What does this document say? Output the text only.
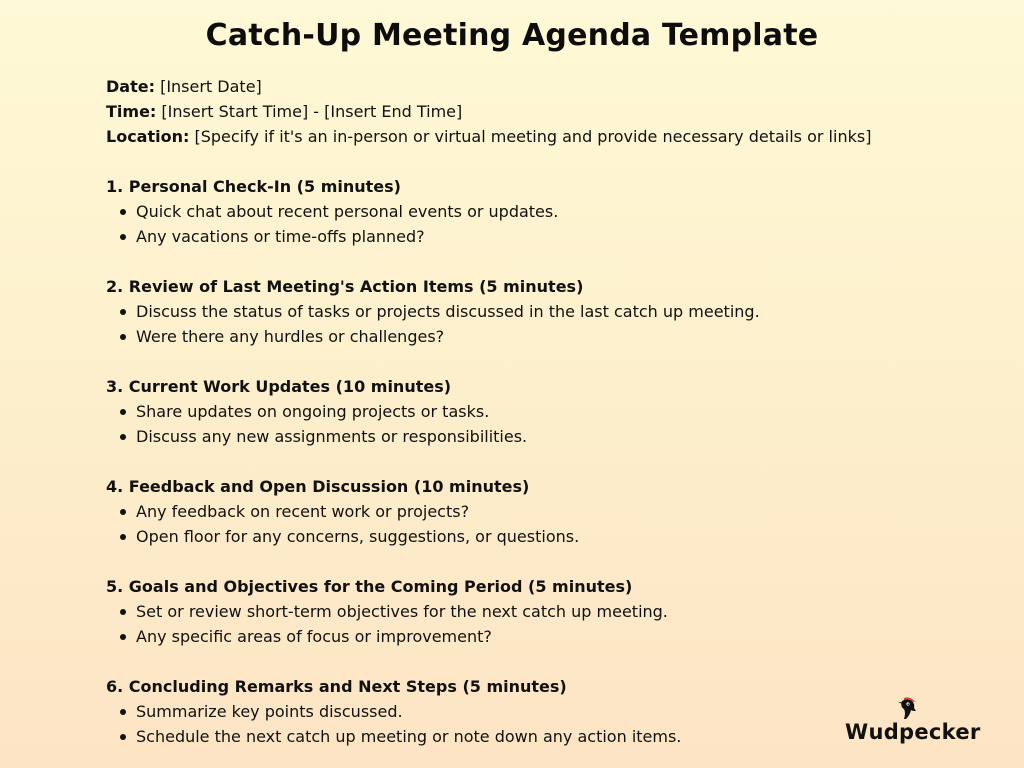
Catch-Up Meeting Agenda Template

Date: [Insert Date]

Time: [Insert Start Time] - [Insert End Time]

Location: [Specify if it's an in-person or virtual meeting and provide necessary details or links]

1. Personal Check-In (5 minutes)

Quick chat about recent personal events or updates.
Any vacations or time-offs planned?

2. Review of Last Meeting's Action Items (5 minutes)

Discuss the status of tasks or projects discussed in the last catch up meeting.
Were there any hurdles or challenges?

3. Current Work Updates (10 minutes)

Share updates on ongoing projects or tasks.
Discuss any new assignments or responsibilities.

4. Feedback and Open Discussion (10 minutes)

Any feedback on recent work or projects?
Open floor for any concerns, suggestions, or questions.

5. Goals and Objectives for the Coming Period (5 minutes)

Set or review short-term objectives for the next catch up meeting.
Any specific areas of focus or improvement?

6. Concluding Remarks and Next Steps (5 minutes)

Summarize key points discussed.
Schedule the next catch up meeting or note down any action items.	Wudpecker
